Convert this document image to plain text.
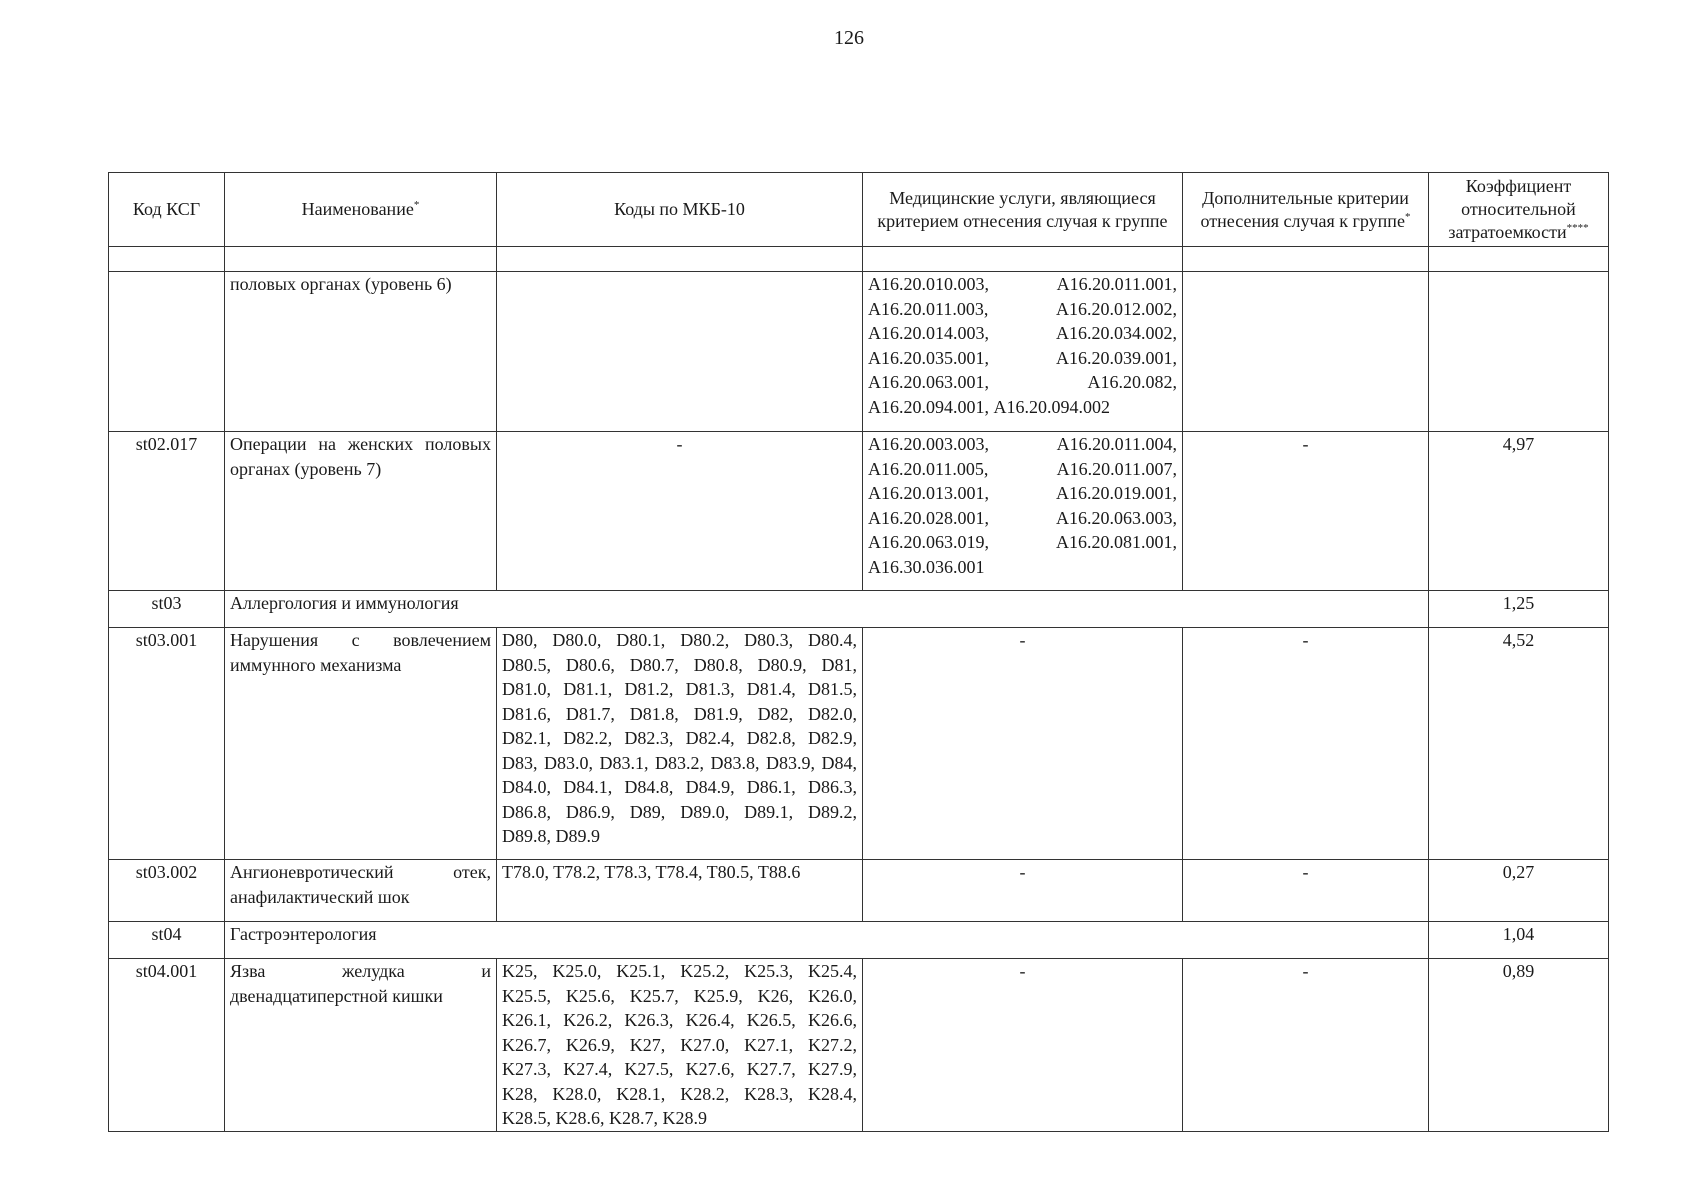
126
Код КСГ	Наименование*	Коды по МКБ-10	Медицинские услуги, являющиеся критерием отнесения случая к группе	Дополнительные критерии отнесения случая к группе*	Коэффициент относительной затратоемкости****

	половых органах (уровень 6)		А16.20.010.003, А16.20.011.001, А16.20.011.003, А16.20.012.002, А16.20.014.003, А16.20.034.002, А16.20.035.001, А16.20.039.001, А16.20.063.001, А16.20.082, А16.20.094.001, А16.20.094.002		
st02.017	Операции на женских половых органах (уровень 7)	-	А16.20.003.003, А16.20.011.004, А16.20.011.005, А16.20.011.007, А16.20.013.001, А16.20.019.001, А16.20.028.001, А16.20.063.003, А16.20.063.019, А16.20.081.001, А16.30.036.001	-	4,97
st03	Аллергология и иммунология				1,25
st03.001	Нарушения с вовлечением иммунного механизма	D80, D80.0, D80.1, D80.2, D80.3, D80.4, D80.5, D80.6, D80.7, D80.8, D80.9, D81, D81.0, D81.1, D81.2, D81.3, D81.4, D81.5, D81.6, D81.7, D81.8, D81.9, D82, D82.0, D82.1, D82.2, D82.3, D82.4, D82.8, D82.9, D83, D83.0, D83.1, D83.2, D83.8, D83.9, D84, D84.0, D84.1, D84.8, D84.9, D86.1, D86.3, D86.8, D86.9, D89, D89.0, D89.1, D89.2, D89.8, D89.9	-	-	4,52
st03.002	Ангионевротический отек, анафилактический шок	T78.0, T78.2, T78.3, T78.4, T80.5, T88.6	-	-	0,27
st04	Гастроэнтерология				1,04
st04.001	Язва желудка и двенадцатиперстной кишки	K25, K25.0, K25.1, K25.2, K25.3, K25.4, K25.5, K25.6, K25.7, K25.9, K26, K26.0, K26.1, K26.2, K26.3, K26.4, K26.5, K26.6, K26.7, K26.9, K27, K27.0, K27.1, K27.2, K27.3, K27.4, K27.5, K27.6, K27.7, K27.9, K28, K28.0, K28.1, K28.2, K28.3, K28.4, K28.5, K28.6, K28.7, K28.9	-	-	0,89
